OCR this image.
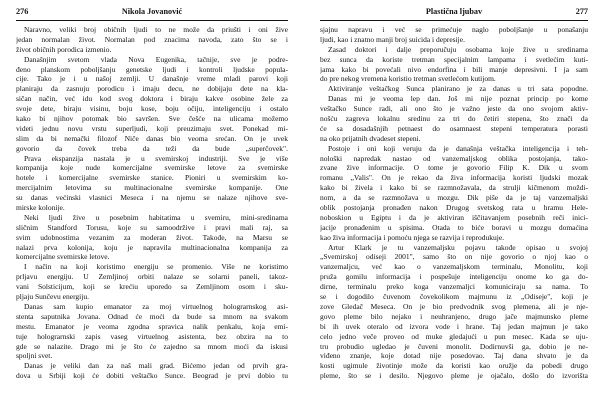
276	Nikola Jovanović
Naravno, veliki broj običnih ljudi to ne može da priušti i oni žive
jedan normalan život. Normalan pod znacima navoda, zato što se i
život običnih porodica izmenio.
Današnjim svetom vlada Nova Eugenika, tačnije, sve je podre-
đeno planskom poboljšanju genetske ljudi i kontroli ljudske popula-
cije. Tako je i u našoj zemlji. U današnje vreme mladi parovi koji
planiraju da zasnuju porodicu i imaju decu, ne dobijaju dete na kla-
sičan način, već idu kod svog doktora i biraju kakve osobine žele za
svoje dete, biraju visinu, boju kose, boju očiju, inteligenciju i ostalo
kako bi njihov potomak bio savršen. Sve češće na ulicama možemo
videti jednu novu vrstu superljudi, koji preuzimaju svet. Ponekad mi-
slim da bi nemački filozof Niče danas bio veoma srećan. On je uvek
govorio da čovek treba da teži da bude „superčovek".
Prava ekspanzija nastala je u svemirskoj industriji. Sve je više
kompanija koje nude komercijalne svemirske letove za svemirske
hotele i komercijalne svemirske stanice. Pioniri u svemirskim ko-
mercijalnim letovima su multinacionalne svemirske kompanije. One
su danas većinski vlasnici Meseca i na njemu se nalaze njihove sve-
mirske kolonije.
Neki ljudi žive u posebnim habitatima u svemiru, mini-sredinama
sličnim Standford Torusu, koje su samoodržive i pravi mali raj, sa
svim udobnostima vezanim za moderan život. Takođe, na Marsu se
nalazi prva kolonija, koju je napravila multinacionalna kompanija za
komercijalne svemirske letove.
I način na koji koristimo energiju se promenio. Više ne koristimo
prljavu energiju. U Zemljinoj orbiti nalaze se solarni paneli, takoz-
vani Solsticijum, koji se krećiu uporedo sa Zemljinom osom i sku-
pljaju Sunčevu energiju.
Danas sam kupio emanator za moj virtuelnog holograrnskog asi-
stenta saputnika Jovana. Odnad će moći da bude sa mnom na svakom
mestu. Emanator je veoma zgodna spravica nalik penkalu, koja emi-
tuje holograrnski zapis vaseg virtuelnog asistenta, bez obzira na to
gde se nalazite. Drago mi je što će zajedno sa mnom moći da iskusi
spoljni svet.
Danas je veliki dan za naš mali grad. Bićemo jedan od prvih gra-
dova u Srbiji koji će dobiti veštačko Sunce. Beograd je prvi dobio tu
Plastična ljubav	277
sjajnu napravu i već se primećuje naglo poboljšanje u ponašanju
ljudi, kao i znatno manji broj suicida i depresije.
Zasad doktori i dalje preporučuju osobama koje žive u sredinama
bez sunca da koriste tretman specijalnim lampama i svetlećim kuti-
jama kako bi povećali nivo endorfina i bili manje depresivni. I ja sam
do pre nekog vremena koristio tretman svetlećom kutijom.
Aktiviranje veštačkog Sunca planirano je za danas u tri sata popodne.
Danas mi je veoma lep dan. Još mi nije poznat princip po kome
veštačko Sunce radi, ali ono što je važno jeste da ono svojom aktiv-
nošću zagreva lokalnu sredinu za tri do četiri stepena, što znači da
će sa dosadašnjih petnaest do osamnaest stepeni temperatura porasti
na oko prijatnih dvadeset stepeni.
Postoje i oni koji veruju da je današnja veštačka inteligencija i teh-
nološki napredak nastao od vanzemaljskog oblika postojanja, tako-
zvane žive informacije. O tome je govorio Filip K. Dik u svom
romanu „Valis". On je rekao da živa informacija koristi ljudski mozak
kako bi živela i kako bi se razmnožavala, da strulji kičmenom moždi-
nom, a da se razmnožava u mozgu. Dik piše da je taj vanzemaljski
oblik postojanja pronađen nakon Drugog svetskog rata u hramu Hele-
noboskion u Egiptu i da je aktiviran iščitavanjem posebnih reči inici-
jacije pronađenim u spisima. Otada to biće boravi u mozgu domaćina
kao živa informacija i pomoću njega se razvija i reprodukuje.
Artur Klark je tu vanzemaljsku pojavu takođe opisao u svojoj
„Svemirskoj odiseji 2001", samo što on nije govorio o njoj kao o
vanzemaljcu, već kao o vanzemaljskom terminalu, Monolitu, koji
pruža gomilu informacija i pospešuje inteligenciju onome ko ga do-
dirne, terminalu preko koga vanzemaljci komuniciraju sa nama. To
se i dogodilo čuvenom čovekolikom majmunu iz „Odiseje", koji je
zove Gledač Meseca. On je bio predvodnik svog plemena, ali je nje-
govo pleme bilo nejako i neuhranjeno, drugo jače majmunsko pleme
bi ih uvek oteralo od izvora vode i hrane. Taj jedan majmun je tako
celo jedno veče proveo od muke gledajući u pun mesec. Kada se uju-
tru probudio ugledao je čuveni monolit. Dodirnuvši ga, dobio je ne-
viđeno znanje, koje dotad nije posedovao. Taj dana shvato je da
kosti ugimule životinje može da koristi kao oružje da pobedi drugo
pleme, što se i desilo. Njegovo pleme je ojačalo, došlo do izvorišta
